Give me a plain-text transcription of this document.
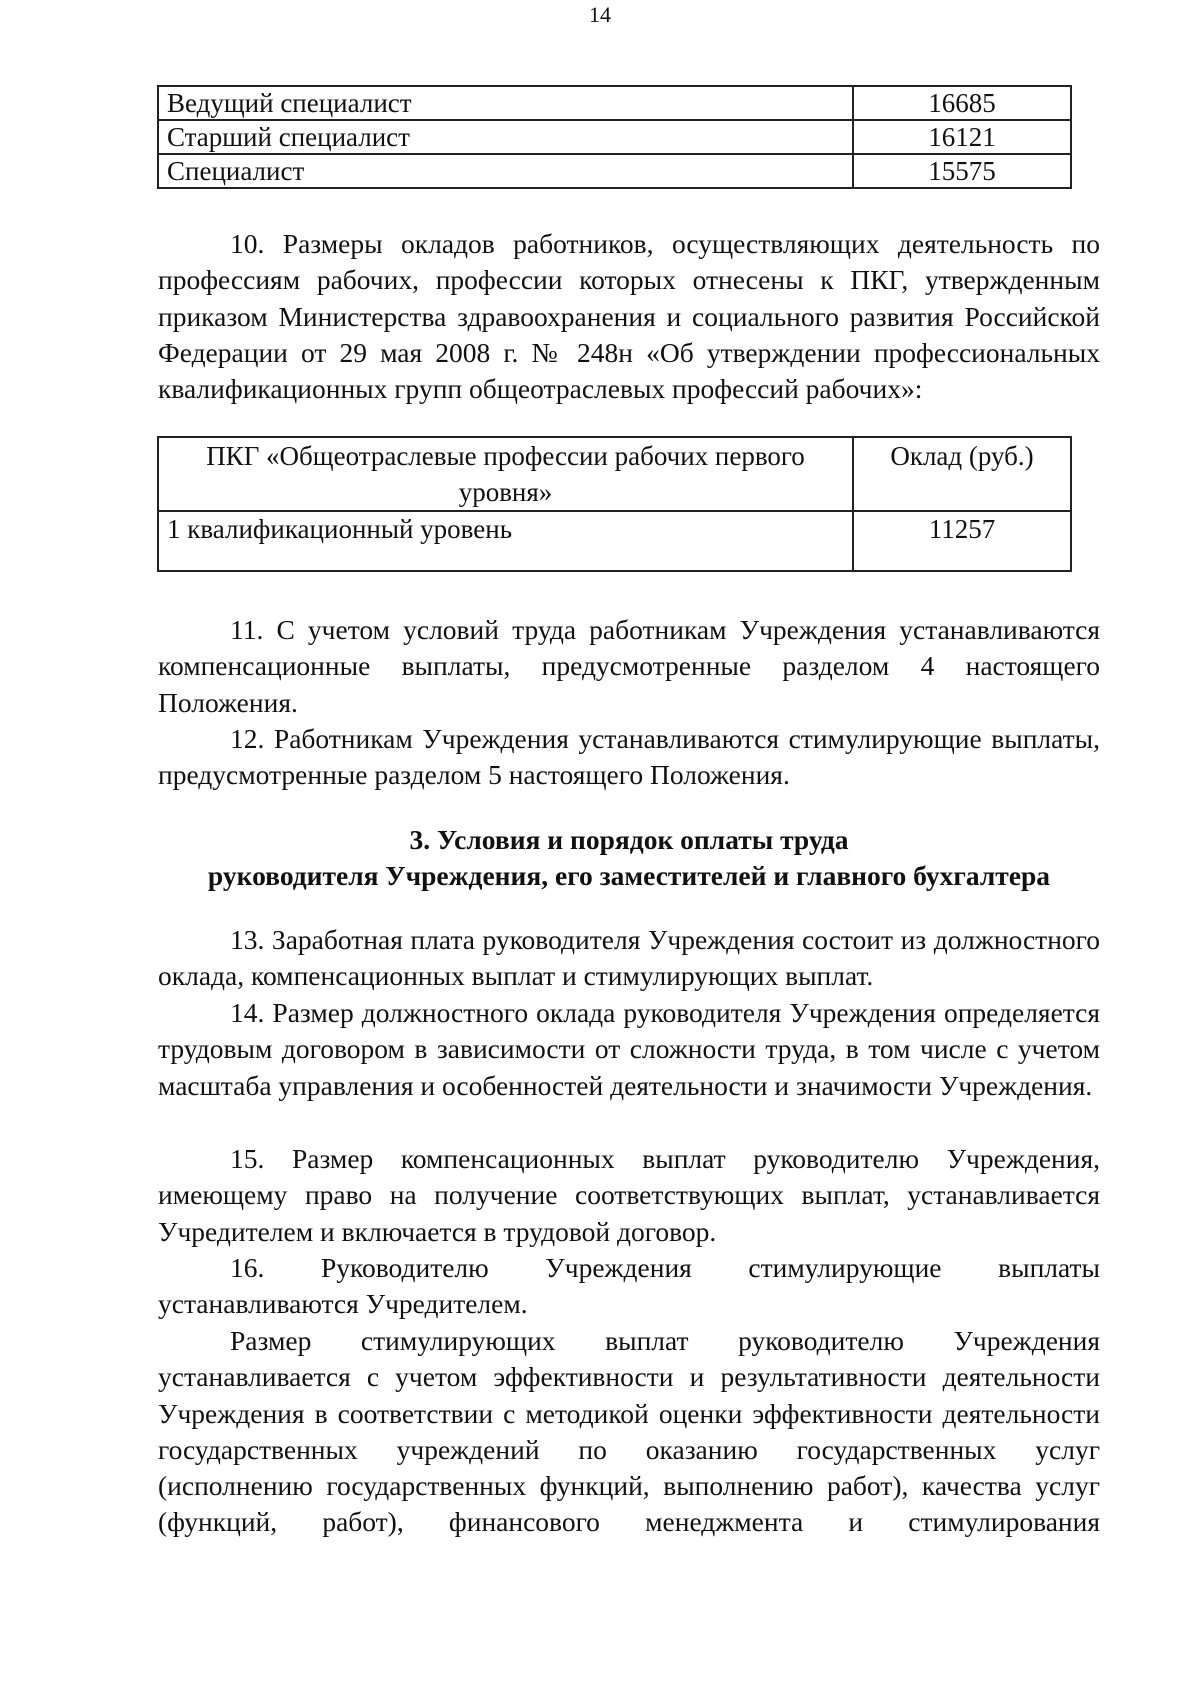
14
Ведущий специалист	16685
Старший специалист	16121
Специалист	15575

10. Размеры окладов работников, осуществляющих деятельность по профессиям рабочих, профессии которых отнесены к ПКГ, утвержденным приказом Министерства здравоохранения и социального развития Российской Федерации от 29 мая 2008 г. № 248н «Об утверждении профессиональных квалификационных групп общеотраслевых профессий рабочих»:

ПКГ «Общеотраслевые профессии рабочих первого уровня»	Оклад (руб.)
1 квалификационный уровень	11257

11. С учетом условий труда работникам Учреждения устанавливаются компенсационные выплаты, предусмотренные разделом 4 настоящего Положения.

12. Работникам Учреждения устанавливаются стимулирующие выплаты, предусмотренные разделом 5 настоящего Положения.

3. Условия и порядок оплаты труда

руководителя Учреждения, его заместителей и главного бухгалтера

13. Заработная плата руководителя Учреждения состоит из должностного оклада, компенсационных выплат и стимулирующих выплат.

14. Размер должностного оклада руководителя Учреждения определяется трудовым договором в зависимости от сложности труда, в том числе с учетом масштаба управления и особенностей деятельности и значимости Учреждения.

15. Размер компенсационных выплат руководителю Учреждения, имеющему право на получение соответствующих выплат, устанавливается Учредителем и включается в трудовой договор.

16. Руководителю Учреждения стимулирующие выплаты устанавливаются Учредителем.

Размер стимулирующих выплат руководителю Учреждения устанавливается с учетом эффективности и результативности деятельности Учреждения в соответствии с методикой оценки эффективности деятельности государственных учреждений по оказанию государственных услуг (исполнению государственных функций, выполнению работ), качества услуг (функций, работ), финансового менеджмента и стимулирования
